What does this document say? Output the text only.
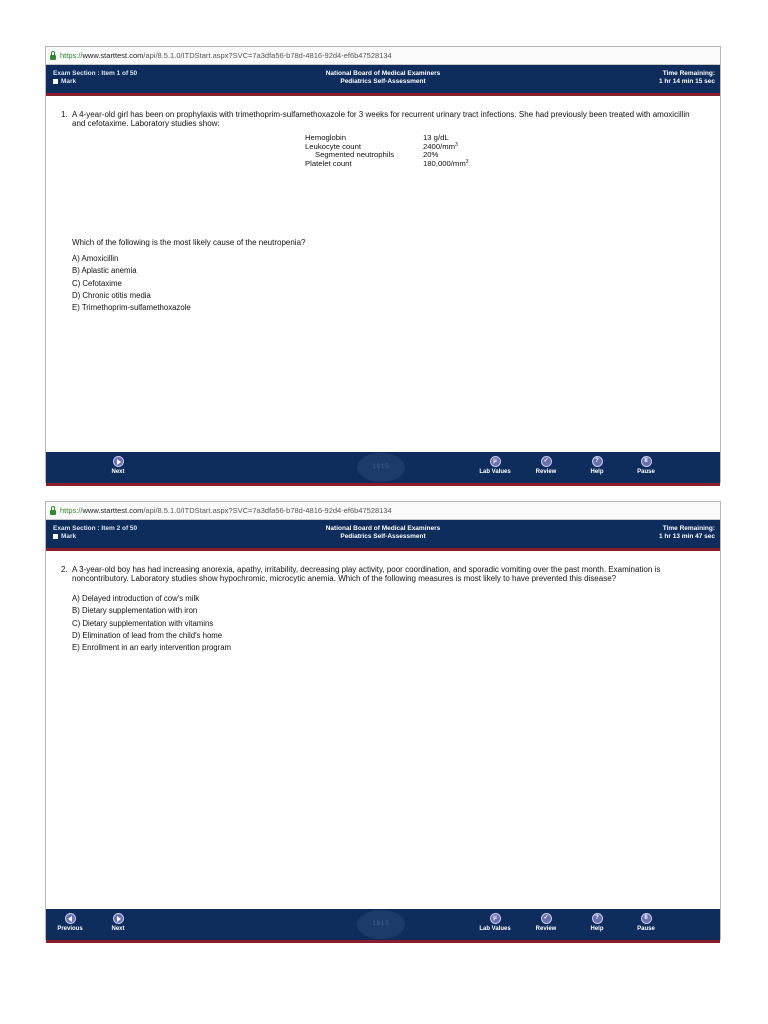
https:// www.starttest.com /api/8.5.1.0/ITDStart.aspx?SVC=7a3dfa56-b78d-4816-92d4-ef6b47528134
Exam Section : Item 1 of 50
Mark
National Board of Medical Examiners
Pediatrics Self-Assessment
Time Remaining:
1 hr 14 min 15 sec
1. A 4-year-old girl has been on prophylaxis with trimethoprim-sulfamethoxazole for 3 weeks for recurrent urinary tract infections. She had previously been treated with amoxicillin and cefotaxime. Laboratory studies show:
Hemoglobin	13 g/dL
Leukocyte count	$2400/mm^3$
Segmented neutrophils	20%
Platelet count	$180,000/mm^3$
Which of the following is the most likely cause of the neutropenia?
A) Amoxicillin
B) Aplastic anemia
C) Cefotaxime
D) Chronic otitis media
E) Trimethoprim-sulfamethoxazole
Next
1915
μ
Lab Values
✓
Review
?
Help
II
Pause
https:// www.starttest.com /api/8.5.1.0/ITDStart.aspx?SVC=7a3dfa56-b78d-4816-92d4-ef6b47528134
Exam Section : Item 2 of 50
Mark
National Board of Medical Examiners
Pediatrics Self-Assessment
Time Remaining:
1 hr 13 min 47 sec
2. A 3-year-old boy has had increasing anorexia, apathy, irritability, decreasing play activity, poor coordination, and sporadic vomiting over the past month. Examination is noncontributory. Laboratory studies show hypochromic, microcytic anemia. Which of the following measures is most likely to have prevented this disease?
A) Delayed introduction of cow's milk
B) Dietary supplementation with iron
C) Dietary supplementation with vitamins
D) Elimination of lead from the child's home
E) Enrollment in an early intervention program
Previous	Next
1915
μ
Lab Values
✓
Review
?
Help
II
Pause
